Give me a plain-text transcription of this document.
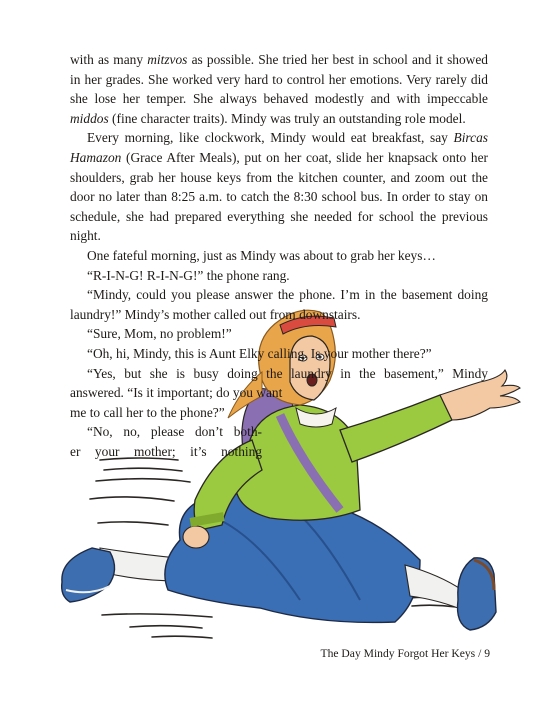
with as many mitzvos as possible. She tried her best in school and it showed in her grades. She worked very hard to control her emotions. Very rarely did she lose her temper. She always behaved modestly and with impeccable middos (fine character traits). Mindy was truly an outstanding role model.

Every morning, like clockwork, Mindy would eat breakfast, say Bircas Hamazon (Grace After Meals), put on her coat, slide her knapsack onto her shoulders, grab her house keys from the kitchen counter, and zoom out the door no later than 8:25 a.m. to catch the 8:30 school bus. In order to stay on schedule, she had prepared everything she needed for school the previous night.

One fateful morning, just as Mindy was about to grab her keys…

“R-I-N-G! R-I-N-G!” the phone rang.

“Mindy, could you please answer the phone. I’m in the basement doing laundry!” Mindy’s mother called out from downstairs.

“Sure, Mom, no problem!”

“Oh, hi, Mindy, this is Aunt Elky calling. Is your mother there?”

“Yes, but she is busy doing the laundry in the basement,” Mindy answered. “Is it important; do you want

me to call her to the phone?”

“No, no, please don’t both-

er your mother; it’s nothing

The Day Mindy Forgot Her Keys / 9
